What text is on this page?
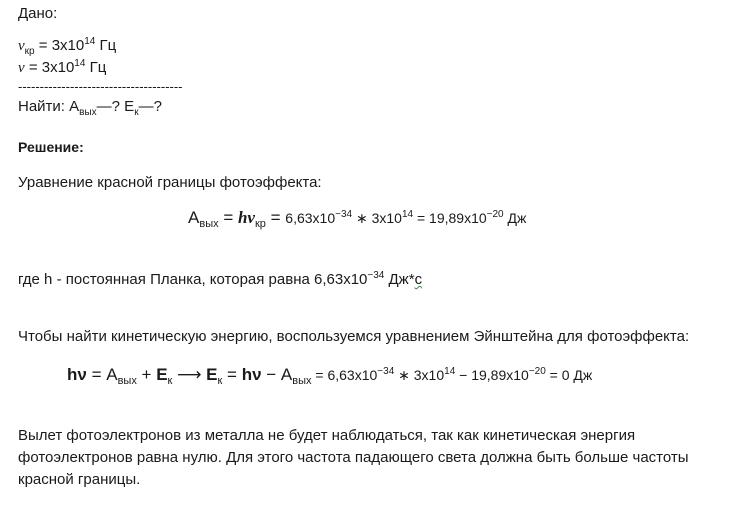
Дано:
$\nu_{кр} = 3x10^{14}$ Гц
$\nu = 3x10^{14}$ Гц
--------------------------------------
Найти: $А_{вых}—$? $Е_к—$?
Решение:
Уравнение красной границы фотоэффекта:
$А_{вых} = h\nu_{кр} = 6,63x10^{-34}$ ∗ $3x10^{14} = 19,89x10^{-20}$ Дж
где h - постоянная Планка, которая равна $6,63x10^{-34}$ Дж*с
Чтобы найти кинетическую энергию, воспользуемся уравнением Эйнштейна для фотоэффекта:
$h\nu = А_{вых} + Е_к$ ⟶ $Е_к = h\nu - А_{вых} = 6,63x10^{-34}$ ∗ $3x10^{14} - 19,89x10^{-20} = 0$ Дж
Вылет фотоэлектронов из металла не будет наблюдаться, так как кинетическая энергия
фотоэлектронов равна нулю. Для этого частота падающего света должна быть больше частоты
красной границы.
